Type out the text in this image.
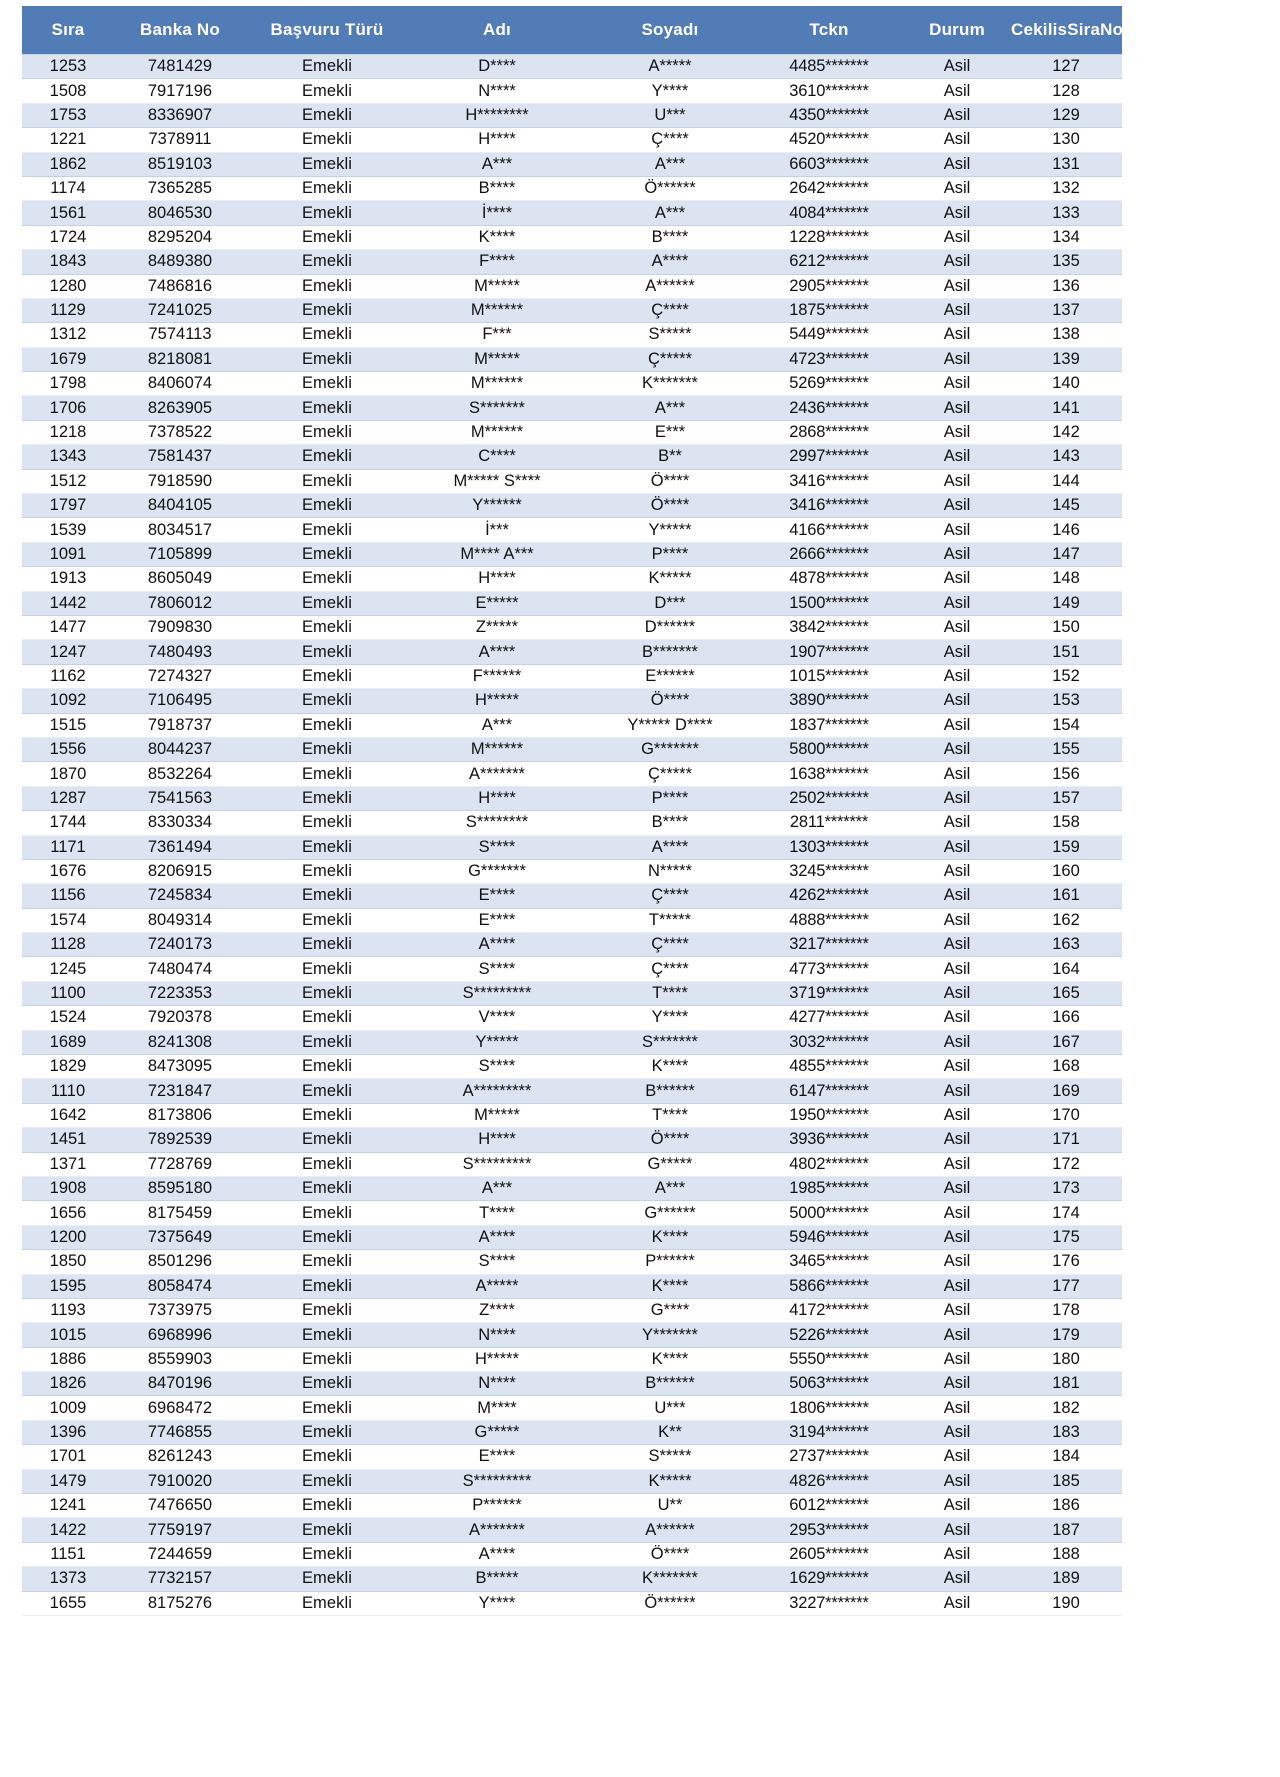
Sıra	Banka No	Başvuru Türü	Adı	Soyadı	Tckn	Durum	CekilisSiraNo
1253	7481429	Emekli	D****	A*****	4485*******	Asil	127
1508	7917196	Emekli	N****	Y****	3610*******	Asil	128
1753	8336907	Emekli	H********	U***	4350*******	Asil	129
1221	7378911	Emekli	H****	Ç****	4520*******	Asil	130
1862	8519103	Emekli	A***	A***	6603*******	Asil	131
1174	7365285	Emekli	B****	Ö******	2642*******	Asil	132
1561	8046530	Emekli	İ****	A***	4084*******	Asil	133
1724	8295204	Emekli	K****	B****	1228*******	Asil	134
1843	8489380	Emekli	F****	A****	6212*******	Asil	135
1280	7486816	Emekli	M*****	A******	2905*******	Asil	136
1129	7241025	Emekli	M******	Ç****	1875*******	Asil	137
1312	7574113	Emekli	F***	S*****	5449*******	Asil	138
1679	8218081	Emekli	M*****	Ç*****	4723*******	Asil	139
1798	8406074	Emekli	M******	K*******	5269*******	Asil	140
1706	8263905	Emekli	S*******	A***	2436*******	Asil	141
1218	7378522	Emekli	M******	E***	2868*******	Asil	142
1343	7581437	Emekli	C****	B**	2997*******	Asil	143
1512	7918590	Emekli	M***** S****	Ö****	3416*******	Asil	144
1797	8404105	Emekli	Y******	Ö****	3416*******	Asil	145
1539	8034517	Emekli	İ***	Y*****	4166*******	Asil	146
1091	7105899	Emekli	M**** A***	P****	2666*******	Asil	147
1913	8605049	Emekli	H****	K*****	4878*******	Asil	148
1442	7806012	Emekli	E*****	D***	1500*******	Asil	149
1477	7909830	Emekli	Z*****	D******	3842*******	Asil	150
1247	7480493	Emekli	A****	B*******	1907*******	Asil	151
1162	7274327	Emekli	F******	E******	1015*******	Asil	152
1092	7106495	Emekli	H*****	Ö****	3890*******	Asil	153
1515	7918737	Emekli	A***	Y***** D****	1837*******	Asil	154
1556	8044237	Emekli	M******	G*******	5800*******	Asil	155
1870	8532264	Emekli	A*******	Ç*****	1638*******	Asil	156
1287	7541563	Emekli	H****	P****	2502*******	Asil	157
1744	8330334	Emekli	S********	B****	2811*******	Asil	158
1171	7361494	Emekli	S****	A****	1303*******	Asil	159
1676	8206915	Emekli	G*******	N*****	3245*******	Asil	160
1156	7245834	Emekli	E****	Ç****	4262*******	Asil	161
1574	8049314	Emekli	E****	T*****	4888*******	Asil	162
1128	7240173	Emekli	A****	Ç****	3217*******	Asil	163
1245	7480474	Emekli	S****	Ç****	4773*******	Asil	164
1100	7223353	Emekli	S*********	T****	3719*******	Asil	165
1524	7920378	Emekli	V****	Y****	4277*******	Asil	166
1689	8241308	Emekli	Y*****	S*******	3032*******	Asil	167
1829	8473095	Emekli	S****	K****	4855*******	Asil	168
1110	7231847	Emekli	A*********	B******	6147*******	Asil	169
1642	8173806	Emekli	M*****	T****	1950*******	Asil	170
1451	7892539	Emekli	H****	Ö****	3936*******	Asil	171
1371	7728769	Emekli	S*********	G*****	4802*******	Asil	172
1908	8595180	Emekli	A***	A***	1985*******	Asil	173
1656	8175459	Emekli	T****	G******	5000*******	Asil	174
1200	7375649	Emekli	A****	K****	5946*******	Asil	175
1850	8501296	Emekli	S****	P******	3465*******	Asil	176
1595	8058474	Emekli	A*****	K****	5866*******	Asil	177
1193	7373975	Emekli	Z****	G****	4172*******	Asil	178
1015	6968996	Emekli	N****	Y*******	5226*******	Asil	179
1886	8559903	Emekli	H*****	K****	5550*******	Asil	180
1826	8470196	Emekli	N****	B******	5063*******	Asil	181
1009	6968472	Emekli	M****	U***	1806*******	Asil	182
1396	7746855	Emekli	G*****	K**	3194*******	Asil	183
1701	8261243	Emekli	E****	S*****	2737*******	Asil	184
1479	7910020	Emekli	S*********	K*****	4826*******	Asil	185
1241	7476650	Emekli	P******	U**	6012*******	Asil	186
1422	7759197	Emekli	A*******	A******	2953*******	Asil	187
1151	7244659	Emekli	A****	Ö****	2605*******	Asil	188
1373	7732157	Emekli	B*****	K*******	1629*******	Asil	189
1655	8175276	Emekli	Y****	Ö******	3227*******	Asil	190
